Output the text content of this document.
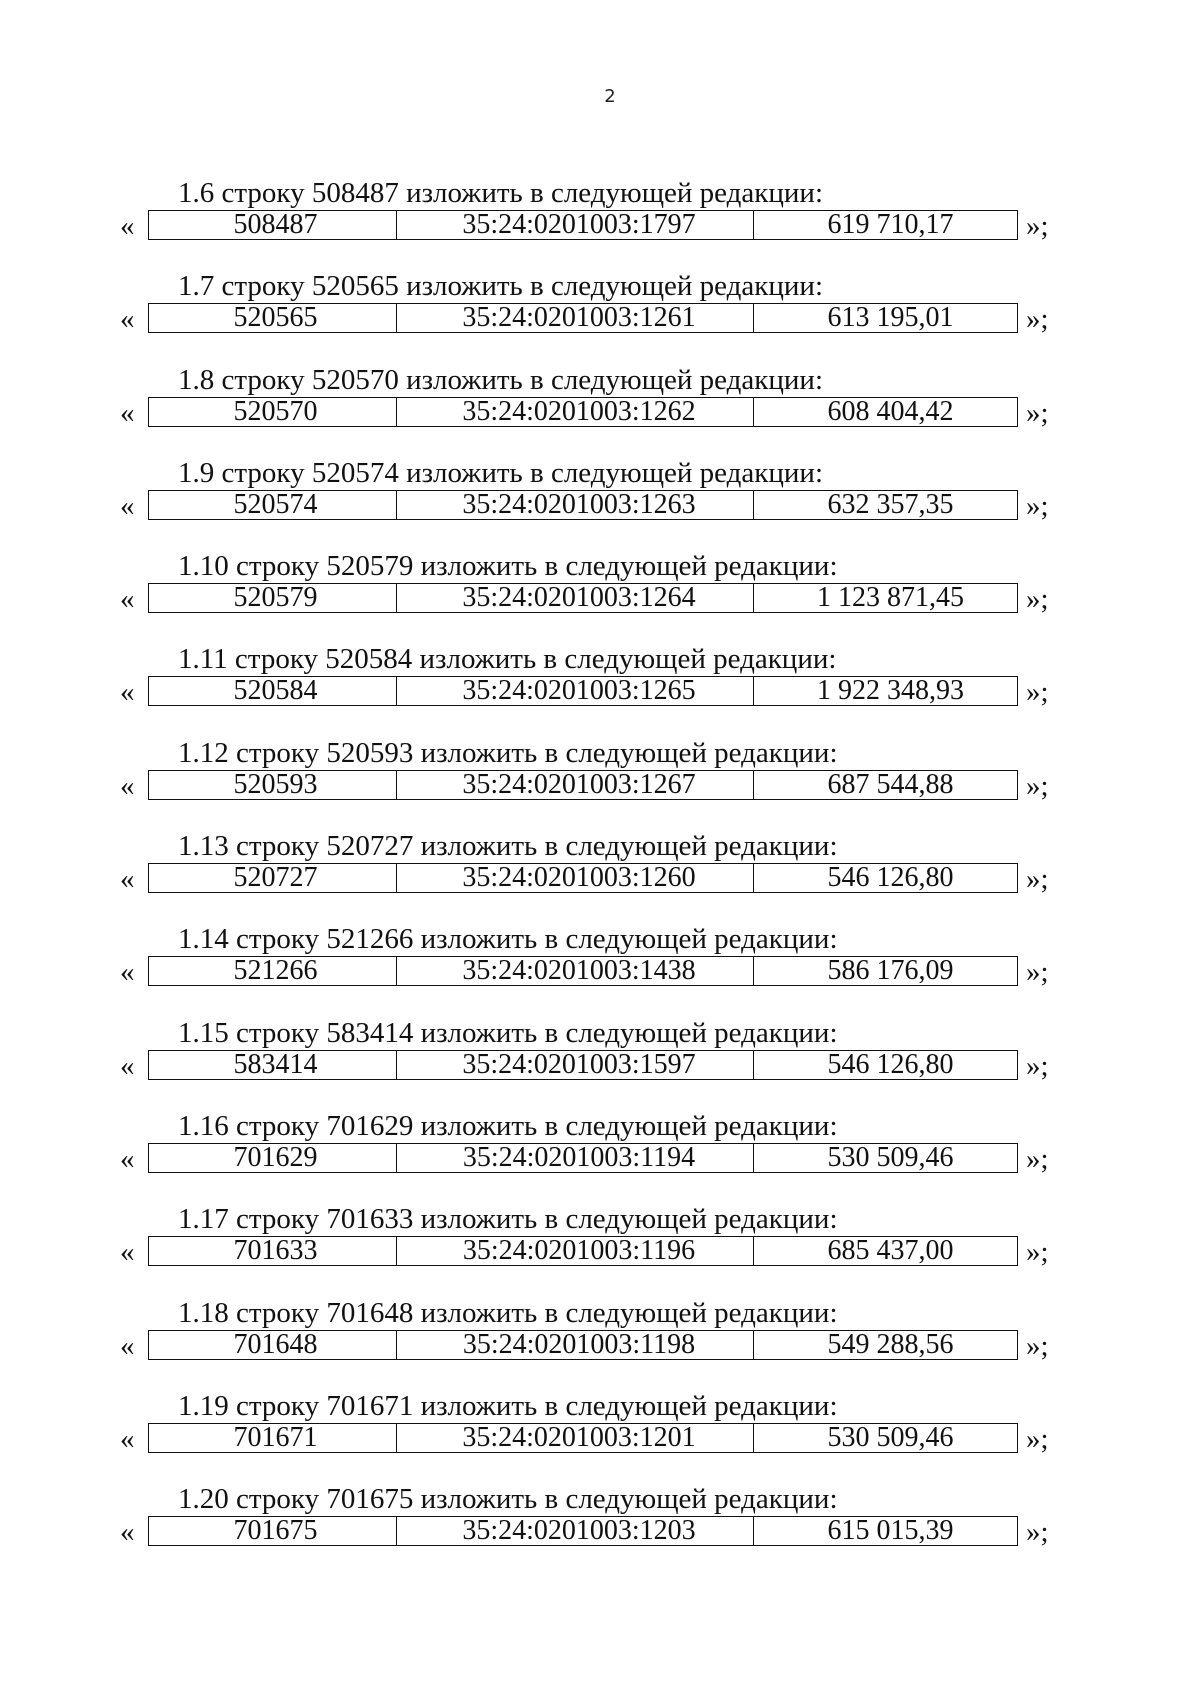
2
1.6 строку 508487 изложить в следующей редакции:
«	508487	35:24:0201003:1797	619 710,17	»;
1.7 строку 520565 изложить в следующей редакции:
«	520565	35:24:0201003:1261	613 195,01	»;
1.8 строку 520570 изложить в следующей редакции:
«	520570	35:24:0201003:1262	608 404,42	»;
1.9 строку 520574 изложить в следующей редакции:
«	520574	35:24:0201003:1263	632 357,35	»;
1.10 строку 520579 изложить в следующей редакции:
«	520579	35:24:0201003:1264	1 123 871,45	»;
1.11 строку 520584 изложить в следующей редакции:
«	520584	35:24:0201003:1265	1 922 348,93	»;
1.12 строку 520593 изложить в следующей редакции:
«	520593	35:24:0201003:1267	687 544,88	»;
1.13 строку 520727 изложить в следующей редакции:
«	520727	35:24:0201003:1260	546 126,80	»;
1.14 строку 521266 изложить в следующей редакции:
«	521266	35:24:0201003:1438	586 176,09	»;
1.15 строку 583414 изложить в следующей редакции:
«	583414	35:24:0201003:1597	546 126,80	»;
1.16 строку 701629 изложить в следующей редакции:
«	701629	35:24:0201003:1194	530 509,46	»;
1.17 строку 701633 изложить в следующей редакции:
«	701633	35:24:0201003:1196	685 437,00	»;
1.18 строку 701648 изложить в следующей редакции:
«	701648	35:24:0201003:1198	549 288,56	»;
1.19 строку 701671 изложить в следующей редакции:
«	701671	35:24:0201003:1201	530 509,46	»;
1.20 строку 701675 изложить в следующей редакции:
«	701675	35:24:0201003:1203	615 015,39	»;
